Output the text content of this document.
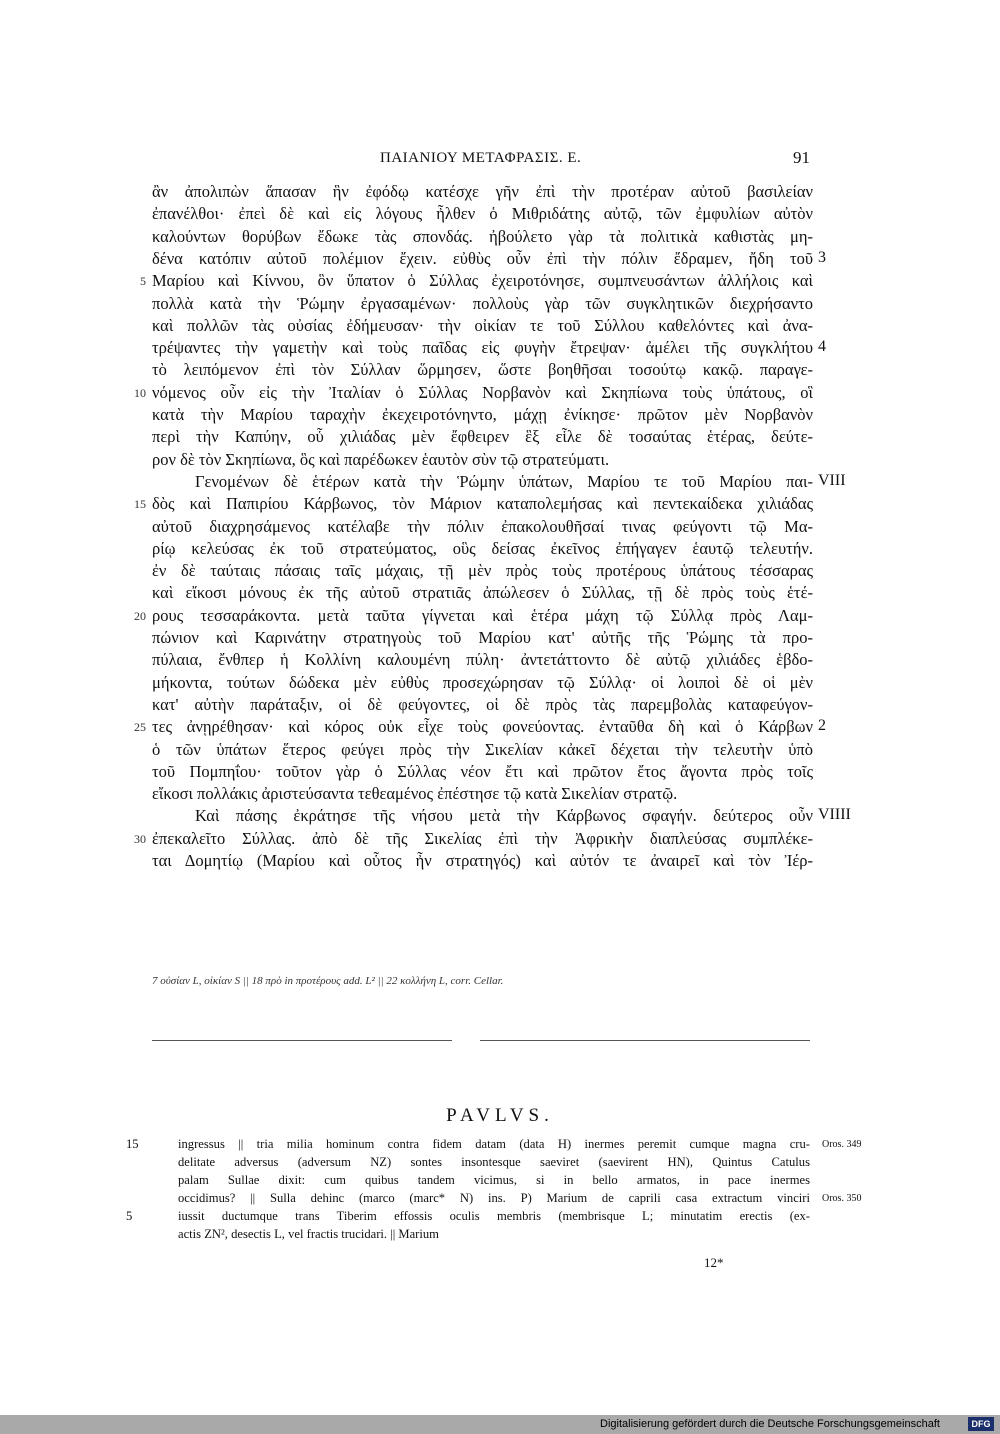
ΠΑΙΑΝΙΟΥ ΜΕΤΑΦΡΑΣΙΣ. Ε.	91
ἂν ἀπολιπὼν ἅπασαν ἣν ἐφόδῳ κατέσχε γῆν ἐπὶ τὴν προτέραν αὐτοῦ βασιλείαν
ἐπανέλθοι· ἐπεὶ δὲ καὶ εἰς λόγους ἦλθεν ὁ Μιθριδάτης αὐτῷ, τῶν ἐμφυλίων αὐτὸν
καλούντων θορύβων ἔδωκε τὰς σπονδάς. ἠβούλετο γὰρ τὰ πολιτικὰ καθιστὰς μη-
δένα κατόπιν αὐτοῦ πολέμιον ἔχειν. εὐθὺς οὖν ἐπὶ τὴν πόλιν ἔδραμεν, ἤδη τοῦ 3
5 Μαρίου καὶ Κίννου, ὃν ὕπατον ὁ Σύλλας ἐχειροτόνησε, συμπνευσάντων ἀλλήλοις καὶ
πολλὰ κατὰ τὴν Ῥώμην ἐργασαμένων· πολλοὺς γὰρ τῶν συγκλητικῶν διεχρήσαντο
καὶ πολλῶν τὰς οὐσίας ἐδήμευσαν· τὴν οἰκίαν τε τοῦ Σύλλου καθελόντες καὶ ἀνα-
τρέψαντες τὴν γαμετὴν καὶ τοὺς παῖδας εἰς φυγὴν ἔτρεψαν· ἀμέλει τῆς συγκλήτου 4
τὸ λειπόμενον ἐπὶ τὸν Σύλλαν ὥρμησεν, ὥστε βοηθῆσαι τοσούτῳ κακῷ. παραγε-
10 νόμενος οὖν εἰς τὴν Ἰταλίαν ὁ Σύλλας Νορβανὸν καὶ Σκηπίωνα τοὺς ὑπάτους, οἳ
κατὰ τὴν Μαρίου ταραχὴν ἐκεχειροτόνηντο, μάχῃ ἐνίκησε· πρῶτον μὲν Νορβανὸν
περὶ τὴν Καπύην, οὗ χιλιάδας μὲν ἔφθειρεν ἓξ εἷλε δὲ τοσαύτας ἑτέρας, δεύτε-
ρον δὲ τὸν Σκηπίωνα, ὃς καὶ παρέδωκεν ἑαυτὸν σὺν τῷ στρατεύματι.
Γενομένων δὲ ἑτέρων κατὰ τὴν Ῥώμην ὑπάτων, Μαρίου τε τοῦ Μαρίου παι- VIII
15 δὸς καὶ Παπιρίου Κάρβωνος, τὸν Μάριον καταπολεμήσας καὶ πεντεκαίδεκα χιλιάδας
αὐτοῦ διαχρησάμενος κατέλαβε τὴν πόλιν ἐπακολουθῆσαί τινας φεύγοντι τῷ Μα-
ρίῳ κελεύσας ἐκ τοῦ στρατεύματος, οὓς δείσας ἐκεῖνος ἐπήγαγεν ἑαυτῷ τελευτήν.
ἐν δὲ ταύταις πάσαις ταῖς μάχαις, τῇ μὲν πρὸς τοὺς προτέρους ὑπάτους τέσσαρας
καὶ εἴκοσι μόνους ἐκ τῆς αὐτοῦ στρατιᾶς ἀπώλεσεν ὁ Σύλλας, τῇ δὲ πρὸς τοὺς ἑτέ-
20 ρους τεσσαράκοντα. μετὰ ταῦτα γίγνεται καὶ ἑτέρα μάχη τῷ Σύλλᾳ πρὸς Λαμ-
πώνιον καὶ Καρινάτην στρατηγοὺς τοῦ Μαρίου κατ' αὐτῆς τῆς Ῥώμης τὰ προ-
πύλαια, ἔνθπερ ἡ Κολλίνη καλουμένη πύλη· ἀντετάττοντο δὲ αὐτῷ χιλιάδες ἑβδο-
μήκοντα, τούτων δώδεκα μὲν εὐθὺς προσεχώρησαν τῷ Σύλλᾳ· οἱ λοιποὶ δὲ οἱ μὲν
κατ' αὐτὴν παράταξιν, οἱ δὲ φεύγοντες, οἱ δὲ πρὸς τὰς παρεμβολὰς καταφεύγον-
25 τες ἀνῃρέθησαν· καὶ κόρος οὐκ εἶχε τοὺς φονεύοντας. ἐνταῦθα δὴ καὶ ὁ Κάρβων 2
ὁ τῶν ὑπάτων ἕτερος φεύγει πρὸς τὴν Σικελίαν κἀκεῖ δέχεται τὴν τελευτὴν ὑπὸ
τοῦ Πομπηΐου· τοῦτον γὰρ ὁ Σύλλας νέον ἔτι καὶ πρῶτον ἔτος ἄγοντα πρὸς τοῖς
εἴκοσι πολλάκις ἀριστεύσαντα τεθεαμένος ἐπέστησε τῷ κατὰ Σικελίαν στρατῷ.
Καὶ πάσης ἐκράτησε τῆς νήσου μετὰ τὴν Κάρβωνος σφαγήν. δεύτερος οὖν VIIII
30 ἐπεκαλεῖτο Σύλλας. ἀπὸ δὲ τῆς Σικελίας ἐπὶ τὴν Ἀφρικὴν διαπλεύσας συμπλέκε-
ται Δομητίῳ (Μαρίου καὶ οὗτος ἦν στρατηγός) καὶ αὐτόν τε ἀναιρεῖ καὶ τὸν Ἰέρ-
7 οὐσίαν L, οἰκίαν S || 18 πρὸ in προτέρους add. L² || 22 κολλήνη L, corr. Cellar.
PAVLVS.
15	ingressus || tria milia hominum contra fidem datam (data H) inermes peremit cumque magna cru- Oros. 349
delitate adversus (adversum NZ) sontes insontesque saeviret (saevirent HN), Quintus Catulus
palam Sullae dixit: cum quibus tandem vicimus, si in bello armatos, in pace inermes
occidimus? || Sulla dehinc (marco (marc* N) ins. P) Marium de caprili casa extractum vinciri Oros. 350
5	iussit ductumque trans Tiberim effossis oculis membris (membrisque L; minutatim erectis (ex-
actis ZN², desectis L, vel fractis trucidari. || Marium
12*
Digitalisierung gefördert durch die Deutsche Forschungsgemeinschaft	DFG
